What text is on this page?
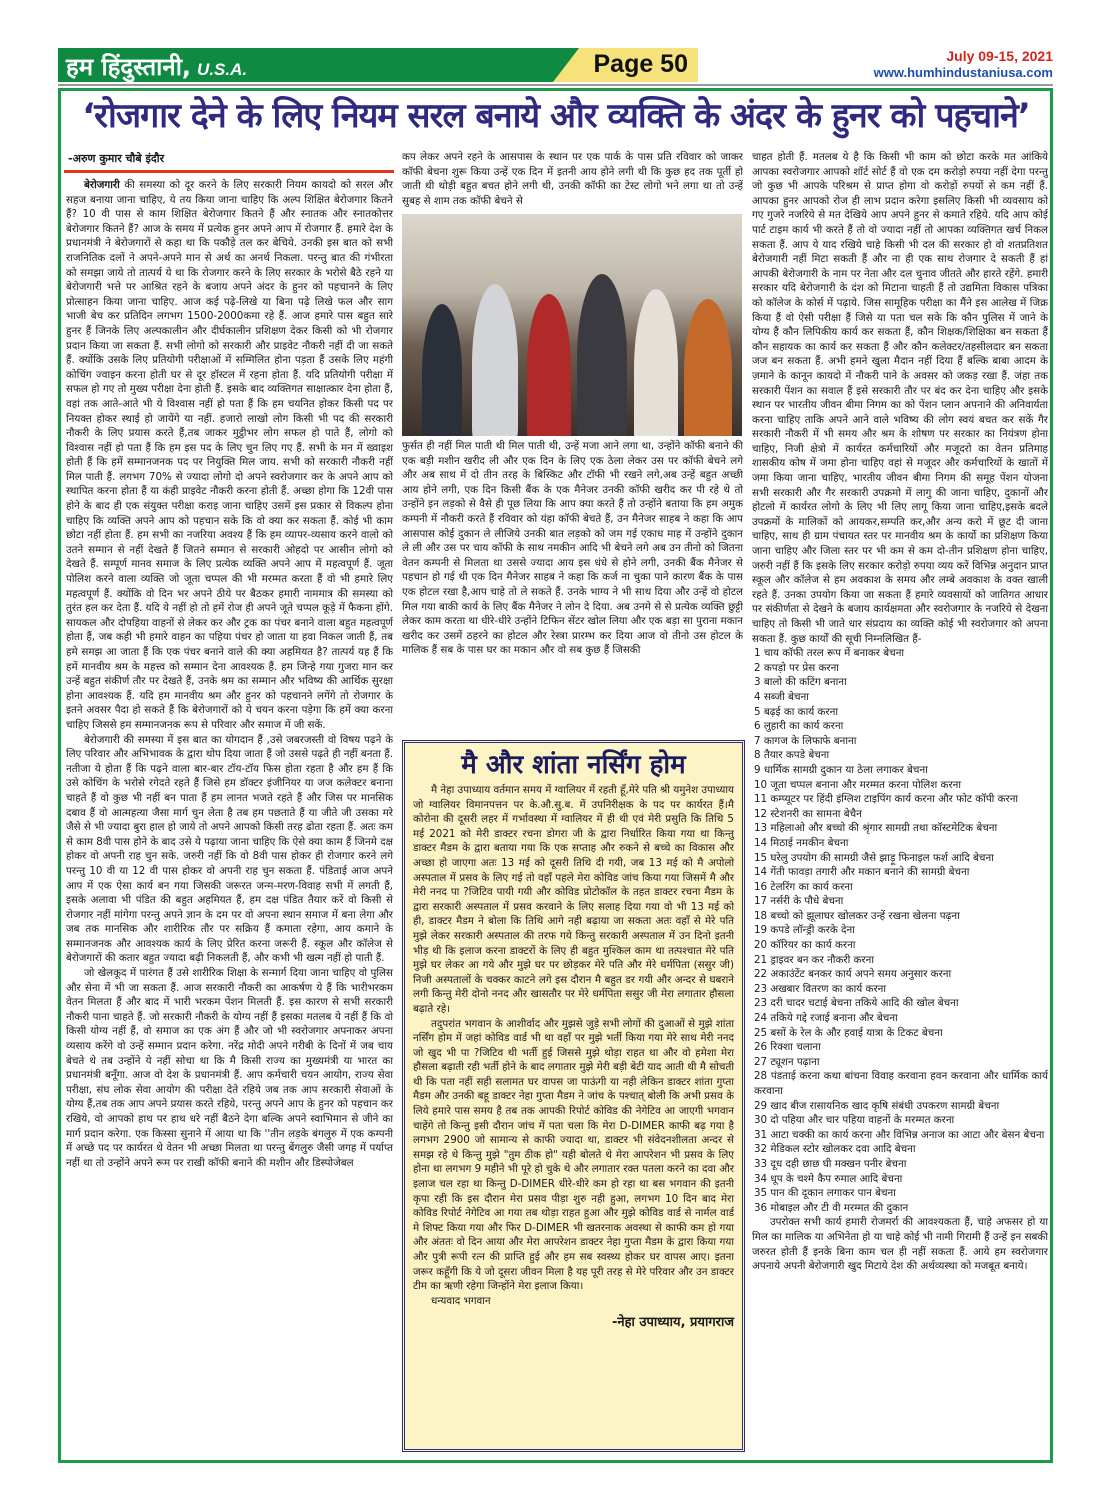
हम हिंदुस्तानी, U.S.A.	Page 50	July 09-15, 2021
www.humhindustaniusa.com
‘रोजगार देने के लिए नियम सरल बनाये और व्यक्ति के अंदर के हुनर को पहचाने’
-अरुण कुमार चौबे इंदौर

बेरोजगारी की समस्या को दूर करने के लिए सरकारी नियम कायदो को सरल और सहज बनाया जाना चाहिए, ये तय किया जाना चाहिए कि अल्प शिक्षित बेरोजगार कितने हैं? 10 वी पास से काम शिक्षित बेरोजगार कितने हैं और स्नातक और स्नातकोत्तर बेरोजगार कितने हैं? आज के समय में प्रत्येक हुनर अपने आप में रोजगार हैं. हमारे देश के प्रधानमंत्री ने बेरोजगारों से कहा था कि पकौड़े तल कर बेचिये. उनकी इस बात को सभी राजनितिक दलों ने अपने-अपने मान से अर्थ का अनर्थ निकला. परन्तु बात की गंभीरता को समझा जाये तो तात्पर्य ये था कि रोजगार करने के लिए सरकार के भरोसे बैठे रहने या बेरोजगारी भत्ते पर आश्रित रहने के बजाय अपने अंदर के हुनर को पहचानने के लिए प्रोत्साहन किया जाना चाहिए. आज कई पढ़े-लिखे या बिना पढ़े लिखे फल और साग भाजी बेच कर प्रतिदिन लगभग 1500-2000कमा रहे हैं. आज हमारे पास बहुत सारे हुनर हैं जिनके लिए अल्पकालीन और दीर्घकालीन प्रशिक्षण देकर किसी को भी रोजगार प्रदान किया जा सकता हैं. सभी लोगो को सरकारी और प्राइवेट नौकरी नहीं दी जा सकते हैं. क्योंकि उसके लिए प्रतियोगी परीक्षाओं में सम्मिलित होना पड़ता हैं उसके लिए महंगी कोचिंग ज्वाइन करना होती घर से दूर हॉस्टल में रहना होता हैं. यदि प्रतियोगी परीक्षा में सफल हो गए तो मुख्य परीक्षा देना होती हैं. इसके बाद व्यक्तिगत साक्षात्कार देना होता हैं, वहां तक आते-आते भी ये विश्वास नहीं हो पता हैं कि हम चयनित होकर किसी पद पर नियक्त होकर स्थाई हो जायेंगे या नहीं. हजारो लाखो लोग किसी भी पद की सरकारी नौकरी के लिए प्रयास करते हैं,तब जाकर मुट्ठीभर लोग सफल हो पाते हैं, लोगो को विश्वास नहीं हो पता हैं कि हम इस पद के लिए चुन लिए गए हैं. सभी के मन में ख्वाइश होती हैं कि हमें सम्मानजनक पद पर नियुक्ति मिल जाय. सभी को सरकारी नौकरी नहीं मिल पाती हैं. लगभग 70% से ज्यादा लोगो दो अपने स्वरोजगार कर के अपने आप को स्थापित करना होता हैं या कंही प्राइवेट नौकरी करना होती हैं. अच्छा होगा कि 12वी पास होने के बाद ही एक संयुक्त परीक्षा कराइ जाना चाहिए उसमें इस प्रकार से विकल्प होना चाहिए कि व्यक्ति अपने आप को पहचान सके कि वो क्या कर सकता हैं. कोई भी काम छोटा नहीं होता हैं. हम सभी का नजरिया अवश्य हैं कि हम व्यापर-व्यसाय करने वालो को उतने सम्मान से नहीं देखते हैं जितने सम्मान से सरकारी ओहदो पर आसीन लोगो को देखते हैं. सम्पूर्ण मानव समाज के लिए प्रत्येक व्यक्ति अपने आप में महत्वपूर्ण हैं. जूता पोलिश करने वाला व्यक्ति जो जूता चप्पल की भी मरम्मत करता हैं वो भी हमारे लिए महत्वपूर्ण हैं. क्योंकि वो दिन भर अपने ठीये पर बैठकर हमारी नाममात्र की समस्या को तुरंत हल कर देता हैं. यदि ये नहीं हो तो हमें रोज ही अपने जूते चप्पल कूड़े में फैकना होंगे. सायकल और दोपहिया वाहनों से लेकर कर और ट्रक का पंचर बनाने वाला बहुत महत्वपूर्ण होता हैं, जब कही भी हमारे वाहन का पहिया पंचर हो जाता या हवा निकल जाती हैं, तब हमे समझ आ जाता हैं कि एक पंचर बनाने वाले की क्या अहमियत है? तात्पर्य यह हैं कि हमें मानवीय श्रम के महत्त्व को सम्मान देना आवश्यक हैं. हम जिन्हे गया गुजरा मान कर उन्हें बहुत संकीर्ण तौर पर देखते हैं, उनके श्रम का सम्मान और भविष्य की आर्थिक सुरक्षा होना आवश्यक हैं. यदि हम मानवीय श्रम और हुनर को पहचानने लगेंगे तो रोजगार के इतने अवसर पैदा हो सकते हैं कि बेरोजगारों को ये चयन करना पड़ेगा कि हमें क्या करना चाहिए जिससे हम सम्मानजनक रूप से परिवार और समाज में जी सकें.

बेरोजगारी की समस्या में इस बात का योगदान हैं ,उसे जबरजस्ती वो विषय पढ़ने के लिए परिवार और अभिभावक के द्वारा थोप दिया जाता हैं जो उससे पढ़ते ही नहीं बनता हैं. नतीजा ये होता हैं कि पढ़ने वाला बार-बार टॉय-टॉय फिस होता रहता है और हम हैं कि उसे कोचिंग के भरोसे रगेदते रहते हैं जिसे हम डॉक्टर इंजीनियर या जज कलेक्टर बनाना चाहते हैं वो कुछ भी नहीं बन पाता हैं हम लानत भजते रहते हैं और जिस पर मानसिक दबाव हैं वो आत्महत्या जैसा मार्ग चुन लेता है तब हम पछताते हैं या जीते जी उसका मरे जैसे से भी ज्यादा बुरा हाल हो जाये तो अपने आपको किसी तरह ढोता रहता हैं. अतः कम से काम 8वी पास होने के बाद उसे ये पढ़ाया जाना चाहिए कि ऐसे क्या काम हैं जिनमे दक्ष होकर वो अपनी राह चुन सके. जरुरी नहीं कि वो 8वी पास होकर ही रोजगार करने लगे परन्तु 10 वी या 12 वी पास होकर वो अपनी राह चुन सकता हैं. पंडिताई आज अपने आप में एक ऐसा कार्य बन गया जिसकी जरूरत जन्म-मरण-विवाह सभी में लगती हैं, इसके अलावा भी पंडित की बहुत अहमियत हैं, हम दक्ष पंडित तैयार करें वो किसी से रोजगार नहीं मांगेगा परन्तु अपने ज्ञान के दम पर वो अपना स्थान समाज में बना लेगा और जब तक मानसिक और शारीरिक तौर पर सक्रिय हैं कमाता रहेगा, आय कमाने के सम्मानजनक और आवश्यक कार्य के लिए प्रेरित करना जरूरी हैं. स्कूल और कॉलेज से बेरोजगारों की कतार बहुत ज्यादा बढ़ी निकलती हैं, और कभी भी खत्म नहीं हो पाती हैं.

जो खेलकूद में पारंगत हैं उसे शारीरिक शिक्षा के सन्मार्ग दिया जाना चाहिए वो पुलिस और सेना में भी जा सकता हैं. आज सरकारी नौकरी का आकर्षण ये हैं कि भारीभरकम वेतन मिलता हैं और बाद में भारी भरकम पेंशन मिलती हैं. इस कारण से सभी सरकारी नौकरी पाना चाहते हैं. जो सरकारी नौकरी के योग्य नहीं हैं इसका मतलब ये नहीं हैं कि वो किसी योग्य नहीं हैं, वो समाज का एक अंग हैं और जो भी स्वरोजगार अपनाकर अपना व्यसाय करेंगे वो उन्हें सम्मान प्रदान करेगा. नरेंद्र मोदी अपने गरीबी के दिनों में जब चाय बेचते थे तब उन्होंने ये नहीं सोचा था कि मै किसी राज्य का मुख्यमंत्री या भारत का प्रधानमंत्री बनूँगा. आज वो देश के प्रधानमंत्री हैं. आप कर्मचारी चयन आयोग, राज्य सेवा परीक्षा, संघ लोक सेवा आयोग की परीक्षा देते रहिये जब तक आप सरकारी सेवाओं के योग्य हैं,तब तक आप अपने प्रयास करते रहिये, परन्तु अपने आप के हुनर को पहचान कर रखिये, वो आपको हाथ पर हाथ धरे नहीं बैठने देगा बल्कि अपने स्वाभिमान से जीने का मार्ग प्रदान करेगा. एक किस्सा सुनाने में आया था कि ''तीन लड़के बंगलुरु में एक कम्पनी में अच्छे पद पर कार्यरत थे वेतन भी अच्छा मिलता था परन्तु बेंगलुरु जैसी जगह में पर्याप्त नहीं था तो उन्होंने अपने रूम पर राखी कॉफी बनाने की मशीन और डिस्पोजेबल

कप लेकर अपने रहने के आसपास के स्थान पर एक पार्क के पास प्रति रविवार को जाकर कॉफी बेचना शुरू किया उन्हें एक दिन में इतनी आय होने लगी थी कि कुछ हद तक पूर्ती हो जाती थी थोड़ी बहुत बचत होने लगी थी, उनकी कॉफी का टेस्ट लोगो भने लगा था तो उन्हें सुबह से शाम तक कॉफी बेचने से
फुर्सत ही नहीं मिल पाती थी मिल पाती थी, उन्हें मजा आने लगा था, उन्होंने कॉफी बनाने की एक बड़ी मशीन खरीद ली और एक दिन के लिए एक ठेला लेकर उस पर कॉफी बेचने लगे और अब साथ में दो तीन तरह के बिस्किट और टॉफी भी रखने लगे,अब उन्हें बहुत अच्छी आय होने लगी, एक दिन किसी बैंक के एक मैनेजर उनकी कॉफी खरीद कर पी रहे थे तो उन्होंने इन लड़को से वैसे ही पूछ लिया कि आप क्या करते हैं तो उन्होंने बताया कि हम अमुक कम्पनी में नौकरी करते हैं रविवार को यंहा कॉफी बेचते हैं, उन मैनेजर साहब ने कहा कि आप आसपास कोई दुकान ले लीजिये उनकी बात लड़को को जम गई एकाध माह में उन्होंने दुकान ले ली और उस पर चाय कॉफी के साथ नमकीन आदि भी बेचने लगे अब उन तीनो को जितना वेतन कम्पनी से मिलता था उससे ज्यादा आय इस धंधे से होने लगी, उनकी बैंक मैनेजर से पहचान हो गई थी एक दिन मैनेजर साहब ने कहा कि कर्ज ना चुका पाने कारण बैंक के पास एक होटल रखा है,आप चाहे तो ले सकते हैं. उनके भाग्य ने भी साथ दिया और उन्हें वो होटल मिल गया बाकी कार्य के लिए बैंक मैनेजर ने लोन दे दिया. अब उनमे से से प्रत्येक व्यक्ति छुट्टी लेकर काम करता था धीरे-धीरे उन्होंने टिफिन सेंटर खोल लिया और एक बड़ा सा पुराना मकान खरीद कर उसमें ठहरने का होटल और रेस्त्रा प्रारम्भ कर दिया आज वो तीनो उस होटल के मालिक हैं सब के पास घर का मकान और वो सब कुछ हैं जिसकी
मै और शांता नर्सिंग होम

मै नेहा उपाध्याय वर्तमान समय में ग्वालियर में रहती हूँ,मेरे पति श्री यमुनेश उपाध्याय जो ग्वालियर विमानपत्तन पर के.औ.सु.ब. में उपनिरीक्षक के पद पर कार्यरत हैं।मै कोरोना की दूसरी लहर में गर्भावस्था में ग्वालियर में ही थी एवं मेरी प्रसुति कि तिथि 5 मई 2021 को मेरी डाक्टर रचना डोगरा जी के द्वारा निर्धारित किया गया था किन्तु डाक्टर मैडम के द्वारा बताया गया कि एक सप्ताह और रुकने से बच्चे का विकास और अच्छा हो जाएगा अतः 13 मई को दूसरी तिथि दी गयी, जब 13 मई को मै अपोलो अस्पताल में प्रसव के लिए गई तो वहाँ पहले मेरा कोविड जांच किया गया जिसमें मै और मेरी ननद पा ?जिटिव पायी गयी और कोविड प्रोटोकॉल के तहत डाक्टर रचना मैडम के द्वारा सरकारी अस्पताल में प्रसव करवाने के लिए सलाह दिया गया वो भी 13 मई को ही, डाक्टर मैडम ने बोला कि तिथि आगे नही बढ़ाया जा सकता अतः वहाँ से मेरे पति मुझे लेकर सरकारी अस्पताल की तरफ गये किन्तु सरकारी अस्पताल में उन दिनो इतनी भीड़ थी कि इलाज करना डाक्टरों के लिए ही बहुत मुश्किल काम था तत्पश्चात मेरे पति मुझे घर लेकर आ गये और मुझे घर पर छोड़कर मेरे पति और मेरे धर्मपिता (ससुर जी) निजी अस्पतालों के चक्कर काटने लगे इस दौरान मै बहुत डर गयी और अन्दर से घबराने लगी किन्तु मेरी दोनो ननद और खासतौर पर मेरे धर्मपिता ससुर जी मेरा लगातार हौसला बढ़ाते रहे।

तदुपरांत भगवान के आशीर्वाद और मुझसे जुड़े सभी लोगों की दुआओं से मुझे शांता नर्सिंग होम में जहां कोविड वार्ड भी था वहाँ पर मुझे भर्ती किया गया मेरे साथ मेरी ननद जो खुद भी पा ?जिटिव थी भर्ती हुई जिससे मुझे थोड़ा राहत था और वो हमेशा मेरा हौसला बढ़ाती रही भर्ती होने के बाद लगातार मुझे मेरी बड़ी बेटी याद आती थी मै सोचती थी कि पता नहीं सही सलामत घर वापस जा पाऊंगी या नही लेकिन डाक्टर शांता गुप्ता मैडम और उनकी बहू डाक्टर नेहा गुप्ता मैडम ने जांच के पश्चात् बोली कि अभी प्रसव के लिये हमारे पास समय है तब तक आपकी रिपोर्ट कोविड की नेगेटिव आ जाएगी भगवान चाहेंगे तो किन्तु इसी दौरान जांच में पता चला कि मेरा D-DIMER काफी बढ़ गया है लगभग 2900 जो सामान्य से काफी ज्यादा था, डाक्टर भी संवेदनशीलता अन्दर से समझ रहे थे किन्तु मुझे "तुम ठीक हो" यही बोलते थे मेरा आपरेशन भी प्रसव के लिए होना था लगभग 9 महीने भी पूरे हो चुके थे और लगातार रक्त पतला करने का दवा और इलाज चल रहा था किन्तु D-DIMER धीरे-धीरे कम हो रहा था बस भगवान की इतनी कृपा रही कि इस दौरान मेरा प्रसव पीड़ा शुरु नही हुआ, लगभग 10 दिन बाद मेरा कोविड रिपोर्ट नेगेटिव आ गया तब थोड़ा राहत हुआ और मुझे कोविड वार्ड से नार्मल वार्ड मे शिफ्ट किया गया और फिर D-DIMER भी खतरनाक अवस्था से काफी कम हो गया और अंततः वो दिन आया और मेरा आपरेशन डाक्टर नेहा गुप्ता मैडम के द्वारा किया गया और पुत्री रूपी रत्न की प्राप्ति हुई और हम सब स्वस्थ्य होकर घर वापस आए। इतना जरूर कहूँगी कि ये जो दूसरा जीवन मिला है यह पूरी तरह से मेरे परिवार और उन डाक्टर टीम का ऋणी रहेगा जिन्होंने मेरा इलाज किया।

धन्यवाद भगवान

-नेहा उपाध्याय, प्रयागराज
चाहत होती हैं. मतलब ये है कि किसी भी काम को छोटा करके मत आंकिये आपका स्वरोजगार आपको शॉर्ट सोर्ट हैं वो एक दम करोड़ो रुपया नहीं देगा परन्तु जो कुछ भी आपके परिश्रम से प्राप्त होगा वो करोड़ों रुपयों से कम नहीं हैं. आपका हुनर आपको रोज ही लाभ प्रदान करेगा इसलिए किसी भी व्यवसाय को गए गुजरे नजरिये से मत देखिये आप अपने हुनर से कमाते रहिये. यदि आप कोई पार्ट टाइम कार्य भी करते हैं तो वो ज्यादा नहीं तो आपका व्यक्तिगत खर्च निकल सकता हैं. आप ये याद रखिये चाहे किसी भी दल की सरकार हो वो शतप्रतिशत बेरोजगारी नहीं मिटा सकती हैं और ना ही एक साथ रोजगार दे सकती हैं हां आपकी बेरोजगारी के नाम पर नेता और दल चुनाव जीतते और हारते रहेंगे. हमारी सरकार यदि बेरोजगारी के दंश को मिटाना चाहती हैं तो उद्यमिता विकास पत्रिका को कॉलेज के कोर्स में पढ़ाये. जिस सामूहिक परीक्षा का मैंने इस आलेख में जिक्र किया हैं वो ऐसी परीक्षा हैं जिसे या पता चल सके कि कौन पुलिस में जाने के योग्य हैं कौन लिपिकीय कार्य कर सकता हैं, कौन शिक्षक/शिक्षिका बन सकता हैं कौन सहायक का कार्य कर सकता हैं और कौन कलेक्टर/तहसीलदार बन सकता जज बन सकता हैं. अभी हमने खुला मैदान नहीं दिया हैं बल्कि बाबा आदम के ज़माने के कानून कायदो में नौकरी पाने के अवसर को जकड़ रखा हैं. जंहा तक सरकारी पेंशन का सवाल हैं इसे सरकारी तौर पर बंद कर देना चाहिए और इसके स्थान पर भारतीय जीवन बीमा निगम का को पेंशन प्लान अपनाने की अनिवार्यता करना चाहिए ताकि अपने आने वाले भविष्य की लोग स्वयं बचत कर सकें गैर सरकारी नौकरी में भी समय और श्रम के शोषण पर सरकार का नियंत्रण होना चाहिए, निजी क्षेत्रो में कार्यरत कर्मचारियों और मजूदरो का वेतन प्रतिमाह शासकीय कोष में जमा होना चाहिए वहां से मजूदर और कर्मचारियों के खातों में जमा किया जाना चाहिए, भारतीय जीवन बीमा निगम की समूह पेंशन योजना सभी सरकारी और गैर सरकारी उपक्रमो में लागु की जाना चाहिए, दुकानों और होटलो में कार्यरत लोगो के लिए भी लिए लागू किया जाना चाहिए,इसके बदले उपक्रमों के मालिकों को आयकर,सम्पति कर,और अन्य करो में छूट दी जाना चाहिए, साथ ही ग्राम पंचायत स्तर पर मानवीय श्रम के कार्यो का प्रशिक्षण किया जाना चाहिए और जिला स्तर पर भी कम से कम दो-तीन प्रशिक्षण होना चाहिए, जरुरी नहीं हैं कि इसके लिए सरकार करोड़ो रुपया व्यय करें विभिन्न अनुदान प्राप्त स्कूल और कॉलेज से हम अवकाश के समय और लम्बे अवकाश के वक्त खाली रहते हैं. उनका उपयोग किया जा सकता हैं हमारे व्यवसायों को जातिगत आधार पर संकीर्णता से देखने के बजाय कार्यक्षमता और स्वरोजगार के नजरिये से देखना चाहिए तो किसी भी जाते धार संप्रदाय का व्यक्ति कोई भी स्वरोजगार को अपना सकता हैं. कुछ कार्यों की सूची निम्नलिखित हैं-
1 चाय कॉफी तरल रूप में बनाकर बेचना
2 कपड़ो पर प्रेस करना
3 बालो की कटिंग बनाना
4 सब्जी बेचना
5 बढ़ई का कार्य करना
6 लुहारी का कार्य करना
7 कागज के लिफाफे बनाना
8 तैयार कपडे बेचना
9 धार्मिक सामग्री दुकान या ठेला लगाकर बेचना
10 जूता चप्पल बनाना और मरम्मत करना पोलिश करना
11 कम्प्यूटर पर हिंदी इंग्लिश टाइपिंग कार्य करना और फोट कॉपी करना
12 स्टेशनरी का सामना बेचैन
13 महिलाओ और बच्चो की श्रृंगार सामग्री तथा कॉस्टमेटिक बेचना
14 मिठाई नमकीन बेचना
15 घरेलु उपयोग की सामग्री जैसे झाड़ू फिनाइल फर्श आदि बेचना
14 गेंती फावड़ा तगारी और मकान बनाने की सामग्री बेचना
16 टेलरिंग का कार्य करना
17 नर्सरी के पौधे बेचना
18 बच्चो को झूलाघर खोलकर उन्हें रखना खेलना पढ़ना
19 कपडे लॉन्ड्री करके देना
20 कॉरियर का कार्य करना
21 ड्राइवर बन कर नौकरी करना
22 अकाउंटेंट बनकर कार्य अपने समय अनुसार करना
23 अखबार वितरण का कार्य करना
23 दरी चादर चटाई बेचना तकिये आदि की खोल बेचना
24 तकिये गद्दे रजाई बनाना और बेचना
25 बसों के रेल के और हवाई यात्रा के टिकट बेचना
26 रिक्शा चलाना
27 ट्यूशन पढ़ाना
28 पंडताई करना कथा बांचना विवाह करवाना हवन करवाना और धार्मिक कार्य करवाना
29 खाद बीज रासायनिक खाद कृषि संबंधी उपकरण सामग्री बेचना
30 दो पहिया और चार पहिया वाहनों के मरम्मत करना
31 आटा चक्की का कार्य करना और विभिन्न अनाज का आटा और बेसन बेचना
32 मेडिकल स्टोर खोलकर दवा आदि बेचना
33 दूध दही छाछ घी मक्खन पनीर बेचना
34 धूप के चश्मे कैप रुमाल आदि बेचना
35 पान की दूकान लगाकर पान बेचना
36 मोबाइल और टी वी मरम्मत की दुकान

उपरोक्त सभी कार्य हमारी रोजमर्रा की आवश्यकता हैं, चाहे अफसर हो या मिल का मालिक या अभिनेता हो या चाहे कोई भी नामी गिरामी हैं उन्हें इन सबकी जरुरत होती हैं इनके बिना काम चल ही नहीं सकता हैं. आये हम स्वरोजगार अपनाये अपनी बेरोजगारी खुद मिटाये देश की अर्थव्यस्था को मजबूत बनाये।
